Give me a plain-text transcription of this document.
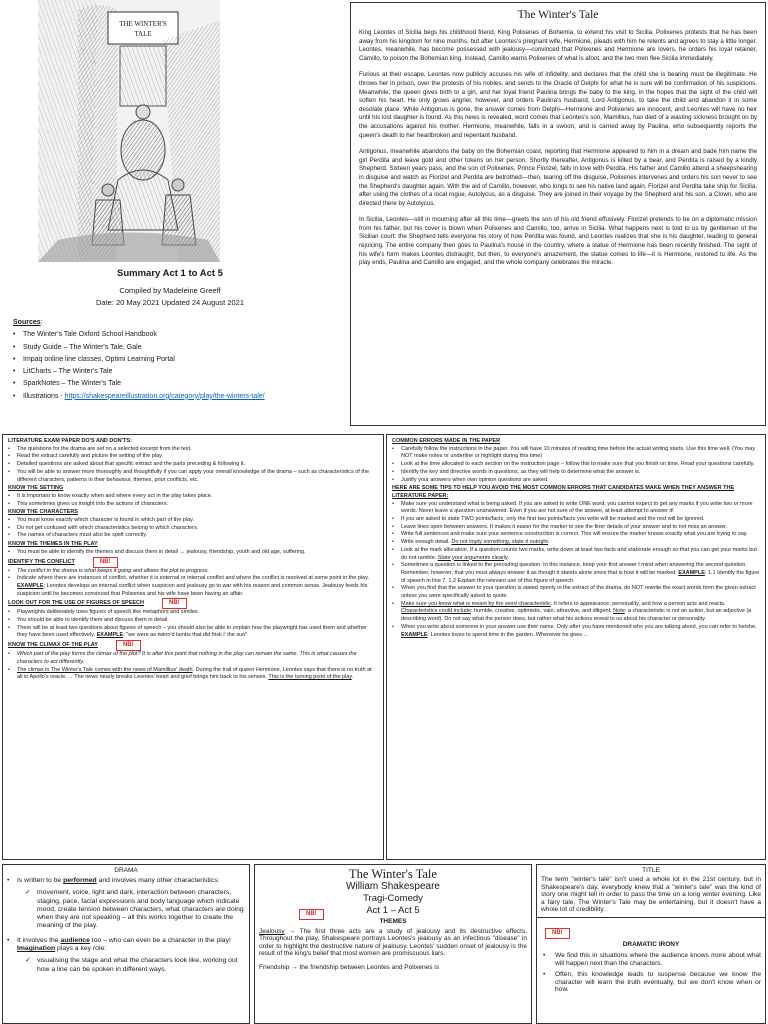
THE WINTER'S
TALE
Summary Act 1 to Act 5
Compiled by Madeleine Greeff
Date: 20 May 2021 Updated 24 August 2021
Sources:
• The Winter's Tale Oxford School Handbook
• Study Guide – The Winter's Tale, Gale
• Impaq online line classes, Optimi Learning Portal
• LitCharts – The Winter's Tale
• SparkNotes – The Winter's Tale
• Illustrations - https://shakespeareillustration.org/category/play/the-winters-tale/
The Winter's Tale

King Leontes of Sicilia begs his childhood friend, King Polixenes of Bohemia, to extend his visit to Sicilia. Polixenes protests that he has been away from his kingdom for nine months, but after Leontes's pregnant wife, Hermione, pleads with him he relents and agrees to stay a little longer. Leontes, meanwhile, has become possessed with jealousy—convinced that Polixenes and Hermione are lovers, he orders his loyal retainer, Camillo, to poison the Bohemian king. Instead, Camillo warns Polixenes of what is afoot, and the two men flee Sicilia immediately.

Furious at their escape, Leontes now publicly accuses his wife of infidelity, and declares that the child she is bearing must be illegitimate. He throws her in prison, over the protests of his nobles, and sends to the Oracle of Delphi for what he is sure will be confirmation of his suspicions. Meanwhile, the queen gives birth to a girl, and her loyal friend Paulina brings the baby to the king, in the hopes that the sight of the child will soften his heart. He only grows angrier, however, and orders Paulina's husband, Lord Antigonus, to take the child and abandon it in some desolate place. While Antigonus is gone, the answer comes from Delphi—Hermione and Polixenes are innocent, and Leontes will have no heir until his lost daughter is found. As this news is revealed, word comes that Leontes's son, Mamillius, has died of a wasting sickness brought on by the accusations against his mother. Hermione, meanwhile, falls in a swoon, and is carried away by Paulina, who subsequently reports the queen's death to her heartbroken and repentant husband.

Antigonus, meanwhile abandons the baby on the Bohemian coast, reporting that Hermione appeared to him in a dream and bade him name the girl Perdita and leave gold and other tokens on her person. Shortly thereafter, Antigonus is killed by a bear, and Perdita is raised by a kindly Shepherd. Sixteen years pass, and the son of Polixenes, Prince Florizel, falls in love with Perdita. His father and Camillo attend a sheepshearing in disguise and watch as Florizel and Perdita are betrothed—then, tearing off the disguise, Polixenes intervenes and orders his son never to see the Shepherd's daughter again. With the aid of Camillo, however, who longs to see his native land again, Florizel and Perdita take ship for Sicilia, after using the clothes of a local rogue, Autolycus, as a disguise. They are joined in their voyage by the Shepherd and his son, a Clown, who are directed there by Autolycus.

In Sicilia, Leontes—still in mourning after all this time—greets the son of his old friend effusively. Florizel pretends to be on a diplomatic mission from his father, but his cover is blown when Polixenes and Camillo, too, arrive in Sicilia. What happens next is told to us by gentlemen of the Sicilian court: the Shepherd tells everyone his story of how Perdita was found, and Leontes realizes that she is his daughter, leading to general rejoicing. The entire company then goes to Paulina's house in the country, where a statue of Hermione has been recently finished. The sight of his wife's form makes Leontes distraught, but then, to everyone's amazement, the statue comes to life—it is Hermione, restored to life. As the play ends, Paulina and Camillo are engaged, and the whole company celebrates the miracle.

LITERATURE EXAM PAPER DO'S AND DON'TS:
• The questions for the drama are set on a selected excerpt from the text.
• Read the extract carefully and picture the setting of the play.
• Detailed questions are asked about that specific extract and the parts preceding & following it.
• You will be able to answer more thoroughly and thoughtfully if you can apply your overall knowledge of the drama – such as characteristics of the different characters, patterns in their behaviour, themes, prior conflicts, etc.
KNOW THE SETTING
• It is important to know exactly when and where every act in the play takes place.
• This sometimes gives us insight into the actions of characters.
KNOW THE CHARACTERS
• You must know exactly which character is found in which part of the play.
• Do not get confused with which characteristics belong to which characters.
• The names of characters must also be spelt correctly.
KNOW THE THEMES IN THE PLAY
• You must be able to identify the themes and discuss them in detail → jealousy, friendship, youth and old age, suffering.
IDENTIFY THE CONFLICT	NB!
• The conflict in the drama is what keeps it going and allows the plot to progress.
• Indicate where there are instances of conflict, whether it is external or internal conflict and where the conflict is resolved at some point in the play. EXAMPLE: Leontes develops an internal conflict when suspicion and jealousy go to war with his reason and common sense. Jealousy feeds his suspicion until he becomes convinced that Polixenes and his wife have been having an affair.
LOOK OUT FOR THE USE OF FIGURES OF SPEECH	NB!
• Playwrights deliberately uses figures of speech like metaphors and similes.
• You should be able to identify them and discuss them in detail.
• There will be at least two questions about figures of speech – you should also be able to explain how the playwright has used them and whether they have been used effectively. EXAMPLE: "we were as twinn'd lambs that did frisk i' the sun"
KNOW THE CLIMAX OF THE PLAY	NB!
• Which part of the play forms the climax of the plot? It is after this point that nothing in the play can remain the same. This is what causes the characters to act differently.
• The climax in The Winter's Tale comes with the news of Mamillius' death. During the trail of queen Hermione, Leontes says that there is no truth at all in Apollo's oracle. ... The news nearly breaks Leontes' heart and grief brings him back to his senses. This is the turning point of the play.
COMMON ERRORS MADE IN THE PAPER
• Carefully follow the instructions in the paper. You will have 10 minutes of reading time before the actual writing starts. Use this time well. (You may NOT make notes or underline or highlight during this time)
• Look at the time allocated to each section on the instruction page – follow this to make sure that you finish on time. Read your questions carefully.
• Identify the key and directive words in questions, as they will help to determine what the answer is.
• Justify your answers when own opinion questions are asked.
HERE ARE SOME TIPS TO HELP YOU AVOID THE MOST COMMON ERRORS THAT CANDIDATES MAKE WHEN THEY ANSWER THE LITERATURE PAPER:
• Make sure you understand what is being asked. If you are asked to write ONE word, you cannot expect to get any marks if you write two or more words. Never leave a question unanswered. Even if you are not sure of the answer, at least attempt to answer it!
• If you are asked to state TWO points/facts, only the first two points/facts you write will be marked and the rest will be ignored.
• Leave lines open between answers. It makes it easier for the marker to see the finer details of your answer and to not miss an answer.
• Write full sentences and make sure your sentence construction is correct. This will ensure the marker knows exactly what you are trying to say.
• Write enough detail. Do not imply something, state it outright.
• Look at the mark allocation. If a question counts two marks, write down at least two facts and elaborate enough so that you can get your marks but do not ramble. State your arguments clearly.
• Sometimes a question is linked to the preceding question. In this instance, keep your first answer I mind when answering the second question. Remember, however, that you must always answer it as though it stands alone since that is how it will be marked. EXAMPLE: 1.1 Identify the figure of speech in line 7. 1.2 Explain the relevant use of this figure of speech.
• When you find that the answer to your question is stated openly in the extract of the drama, do NOT rewrite the exact words form the given extract unless you were specifically asked to quote.
• Make sure you know what is meant by the word characteristic. It refers to appearance, personality, and how a person acts and reacts. Characteristics could include: humble, creative, optimistic, vain, attractive, and diligent. Note: a characteristic is not an action, but an adjective (a describing word). Do not say what the person does, but rather what his actions reveal to us about his character or personality.
• When you write about someone in your answer use their name. Only after you have mentioned who you are talking about, you can refer to he/she. EXAMPLE: Leontes loves to spend time in the garden. Whenever he goes ...
DRAMA
• Is written to be performed and involves many other characteristics:
✓ movement, voice, light and dark, interaction between characters, staging, pace, facial expressions and body language which indicate mood, create tension between characters, what characters are doing when they are not speaking – all this works together to create the meaning of the play.
• It involves the audience too – who can even be a character in the play! Imagination plays a key role:
✓ visualising the stage and what the characters look like, working out how a line can be spoken in different ways.
The Winter's Tale
William Shakespeare
Tragi-Comedy
Act 1 – Act 5
NB!
THEMES
Jealousy → The first three acts are a study of jealousy and its destructive effects. Throughout the play, Shakespeare portrays Leontes's jealousy as an infectious "disease" in order to highlight the destructive nature of jealousy. Leontes' sudden onset of jealousy is the result of the king's belief that most women are promiscuous liars.
Friendship → the friendship between Leontes and Polixenes is
TITLE
The term "winter's tale" isn't used a whole lot in the 21st century, but in Shakespeare's day, everybody knew that a "winter's tale" was the kind of story one might tell in order to pass the time on a long winter evening. Like a fairy tale, The Winter's Tale may be entertaining, but it doesn't have a whole lot of credibility.
NB!
DRAMATIC IRONY
• We find this in situations where the audience knows more about what will happen next than the characters.
• Often, this knowledge leads to suspense because we know the character will learn the truth eventually, but we don't know when or how.
